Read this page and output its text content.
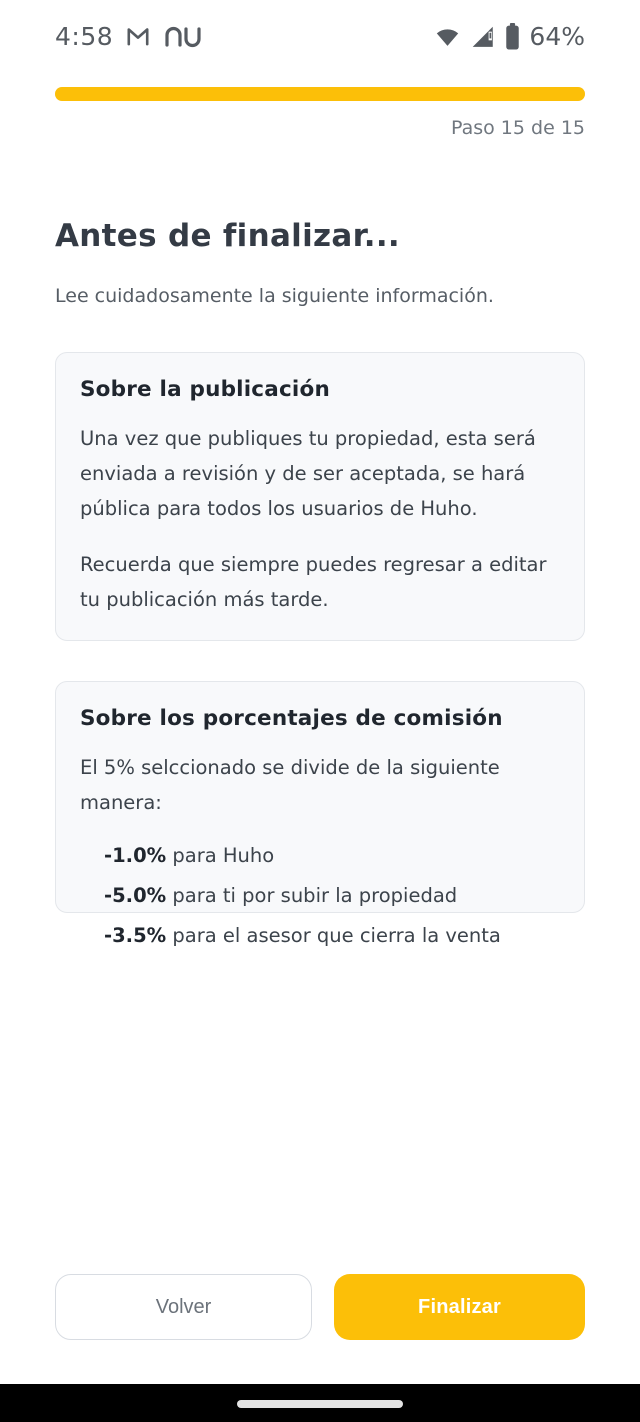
4:58	64%
Paso 15 de 15
Antes de finalizar...
Lee cuidadosamente la siguiente información.
Sobre la publicación

Una vez que publiques tu propiedad, esta será enviada a revisión y de ser aceptada, se hará pública para todos los usuarios de Huho.

Recuerda que siempre puedes regresar a editar tu publicación más tarde.

Sobre los porcentajes de comisión

El 5% selccionado se divide de la siguiente manera:

-1.0% para Huho
-5.0% para ti por subir la propiedad
-3.5% para el asesor que cierra la venta
Volver	Finalizar
